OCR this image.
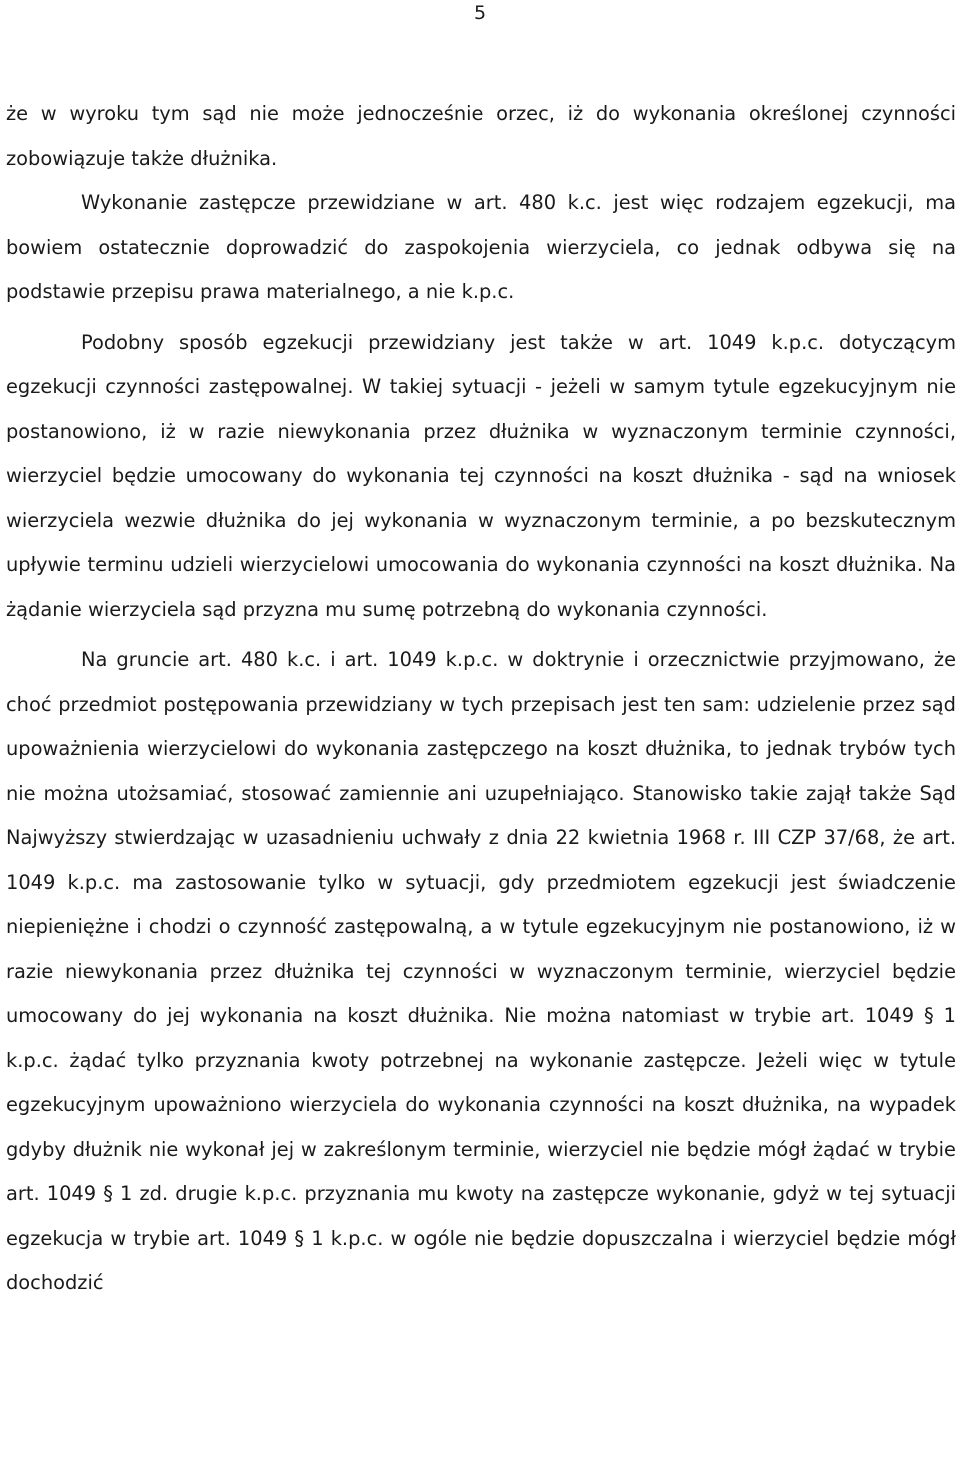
5

że w wyroku tym sąd nie może jednocześnie orzec, iż do wykonania określonej czynności zobowiązuje także dłużnika.

Wykonanie zastępcze przewidziane w art. 480 k.c. jest więc rodzajem egzekucji, ma bowiem ostatecznie doprowadzić do zaspokojenia wierzyciela, co jednak odbywa się na podstawie przepisu prawa materialnego, a nie k.p.c.

Podobny sposób egzekucji przewidziany jest także w art. 1049 k.p.c. dotyczącym egzekucji czynności zastępowalnej. W takiej sytuacji - jeżeli w samym tytule egzekucyjnym nie postanowiono, iż w razie niewykonania przez dłużnika w wyznaczonym terminie czynności, wierzyciel będzie umocowany do wykonania tej czynności na koszt dłużnika - sąd na wniosek wierzyciela wezwie dłużnika do jej wykonania w wyznaczonym terminie, a po bezskutecznym upływie terminu udzieli wierzycielowi umocowania do wykonania czynności na koszt dłużnika. Na żądanie wierzyciela sąd przyzna mu sumę potrzebną do wykonania czynności.

Na gruncie art. 480 k.c. i art. 1049 k.p.c. w doktrynie i orzecznictwie przyjmowano, że choć przedmiot postępowania przewidziany w tych przepisach jest ten sam: udzielenie przez sąd upoważnienia wierzycielowi do wykonania zastępczego na koszt dłużnika, to jednak trybów tych nie można utożsamiać, stosować zamiennie ani uzupełniająco. Stanowisko takie zajął także Sąd Najwyższy stwierdzając w uzasadnieniu uchwały z dnia 22 kwietnia 1968 r. III CZP 37/68, że art. 1049 k.p.c. ma zastosowanie tylko w sytuacji, gdy przedmiotem egzekucji jest świadczenie niepieniężne i chodzi o czynność zastępowalną, a w tytule egzekucyjnym nie postanowiono, iż w razie niewykonania przez dłużnika tej czynności w wyznaczonym terminie, wierzyciel będzie umocowany do jej wykonania na koszt dłużnika. Nie można natomiast w trybie art. 1049 § 1 k.p.c. żądać tylko przyznania kwoty potrzebnej na wykonanie zastępcze. Jeżeli więc w tytule egzekucyjnym upoważniono wierzyciela do wykonania czynności na koszt dłużnika, na wypadek gdyby dłużnik nie wykonał jej w zakreślonym terminie, wierzyciel nie będzie mógł żądać w trybie art. 1049 § 1 zd. drugie k.p.c. przyznania mu kwoty na zastępcze wykonanie, gdyż w tej sytuacji egzekucja w trybie art. 1049 § 1 k.p.c. w ogóle nie będzie dopuszczalna i wierzyciel będzie mógł dochodzić
